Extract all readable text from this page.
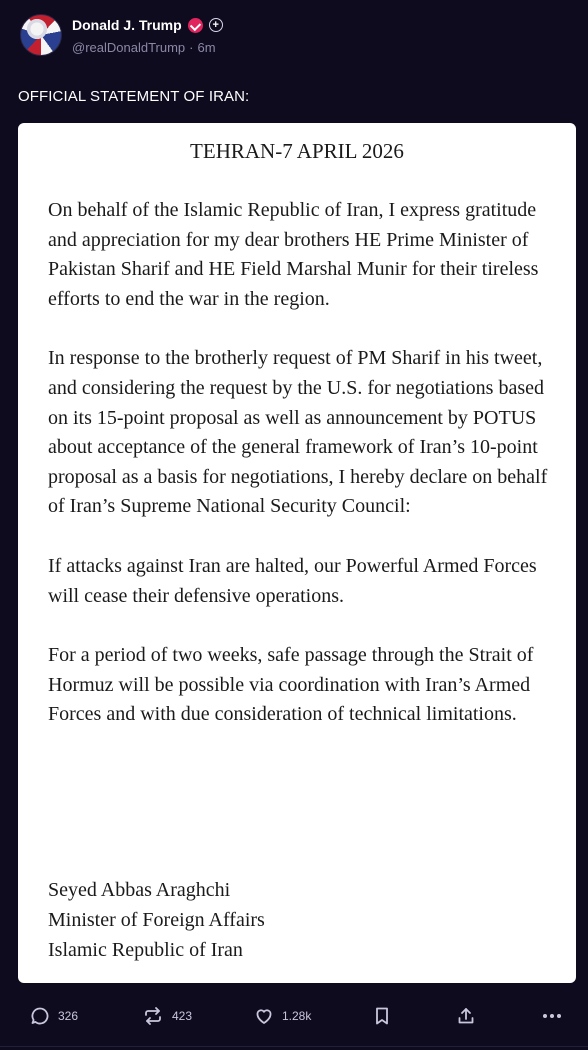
Donald J. Trump	+
@realDonaldTrump · 6m
OFFICIAL STATEMENT OF IRAN:
TEHRAN-7 APRIL 2026

On behalf of the Islamic Republic of Iran, I express gratitude and appreciation for my dear brothers HE Prime Minister of Pakistan Sharif and HE Field Marshal Munir for their tireless efforts to end the war in the region.

In response to the brotherly request of PM Sharif in his tweet, and considering the request by the U.S. for negotiations based on its 15-point proposal as well as announcement by POTUS about acceptance of the general framework of Iran’s 10-point proposal as a basis for negotiations, I hereby declare on behalf of Iran’s Supreme National Security Council:

If attacks against Iran are halted, our Powerful Armed Forces will cease their defensive operations.

For a period of two weeks, safe passage through the Strait of Hormuz will be possible via coordination with Iran’s Armed Forces and with due consideration of technical limitations.

Seyed Abbas Araghchi
Minister of Foreign Affairs
Islamic Republic of Iran
326	423	1.28k
